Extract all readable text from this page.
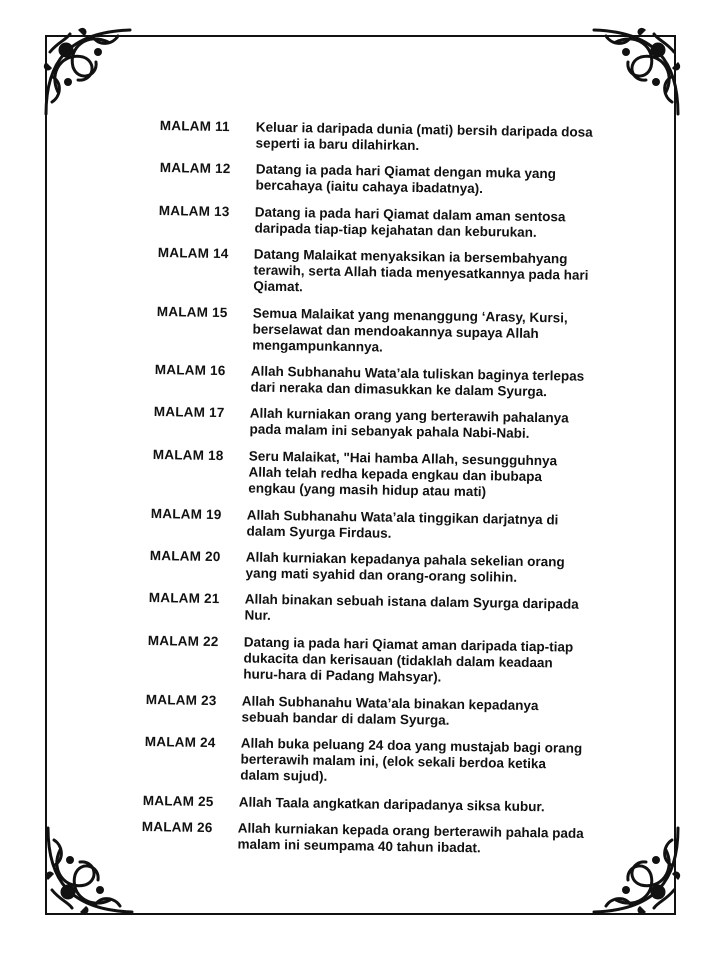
MALAM 11	Keluar ia daripada dunia (mati) bersih daripada dosa
seperti ia baru dilahirkan.
MALAM 12	Datang ia pada hari Qiamat dengan muka yang
bercahaya (iaitu cahaya ibadatnya).
MALAM 13	Datang ia pada hari Qiamat dalam aman sentosa
daripada tiap-tiap kejahatan dan keburukan.
MALAM 14	Datang Malaikat menyaksikan ia bersembahyang
terawih, serta Allah tiada menyesatkannya pada hari
Qiamat.
MALAM 15	Semua Malaikat yang menanggung ‘Arasy, Kursi,
berselawat dan mendoakannya supaya Allah
mengampunkannya.
MALAM 16	Allah Subhanahu Wata’ala tuliskan baginya terlepas
dari neraka dan dimasukkan ke dalam Syurga.
MALAM 17	Allah kurniakan orang yang berterawih pahalanya
pada malam ini sebanyak pahala Nabi-Nabi.
MALAM 18	Seru Malaikat, "Hai hamba Allah, sesungguhnya
Allah telah redha kepada engkau dan ibubapa
engkau (yang masih hidup atau mati)
MALAM 19	Allah Subhanahu Wata’ala tinggikan darjatnya di
dalam Syurga Firdaus.
MALAM 20	Allah kurniakan kepadanya pahala sekelian orang
yang mati syahid dan orang-orang solihin.
MALAM 21	Allah binakan sebuah istana dalam Syurga daripada
Nur.
MALAM 22	Datang ia pada hari Qiamat aman daripada tiap-tiap
dukacita dan kerisauan (tidaklah dalam keadaan
huru-hara di Padang Mahsyar).
MALAM 23	Allah Subhanahu Wata’ala binakan kepadanya
sebuah bandar di dalam Syurga.
MALAM 24	Allah buka peluang 24 doa yang mustajab bagi orang
berterawih malam ini, (elok sekali berdoa ketika
dalam sujud).
MALAM 25	Allah Taala angkatkan daripadanya siksa kubur.
MALAM 26	Allah kurniakan kepada orang berterawih pahala pada
malam ini seumpama 40 tahun ibadat.
